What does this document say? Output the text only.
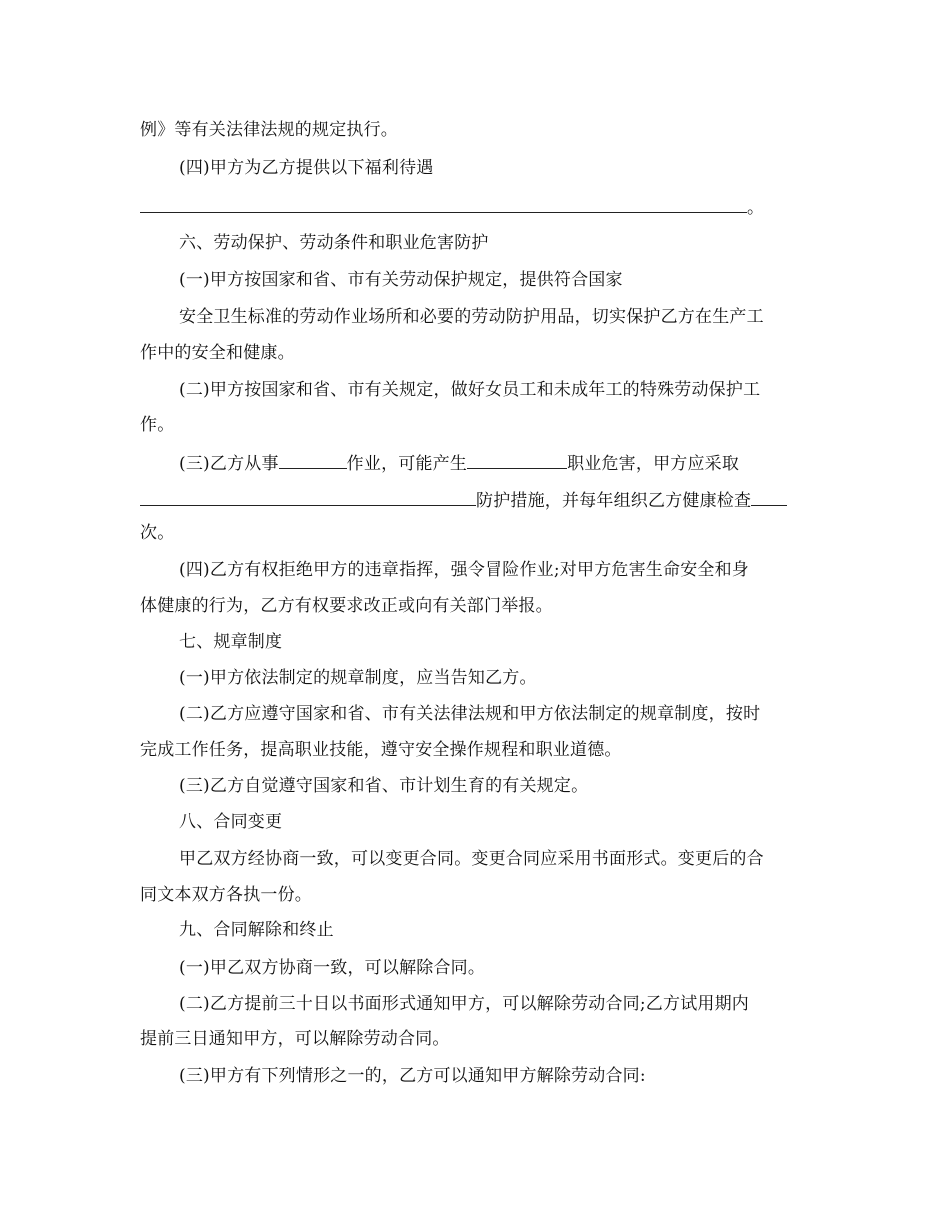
例》等有关法律法规的规定执行。
(四)甲方为乙方提供以下福利待遇
。
六、劳动保护、劳动条件和职业危害防护
(一)甲方按国家和省、市有关劳动保护规定，提供符合国家
安全卫生标准的劳动作业场所和必要的劳动防护用品，切实保护乙方在生产工
作中的安全和健康。
(二)甲方按国家和省、市有关规定，做好女员工和未成年工的特殊劳动保护工
作。
(三)乙方从事	作业，可能产生	职业危害，甲方应采取
防护措施，并每年组织乙方健康检查
次。
(四)乙方有权拒绝甲方的违章指挥，强令冒险作业;对甲方危害生命安全和身
体健康的行为，乙方有权要求改正或向有关部门举报。
七、规章制度
(一)甲方依法制定的规章制度，应当告知乙方。
(二)乙方应遵守国家和省、市有关法律法规和甲方依法制定的规章制度，按时
完成工作任务，提高职业技能，遵守安全操作规程和职业道德。
(三)乙方自觉遵守国家和省、市计划生育的有关规定。
八、合同变更
甲乙双方经协商一致，可以变更合同。变更合同应采用书面形式。变更后的合
同文本双方各执一份。
九、合同解除和终止
(一)甲乙双方协商一致，可以解除合同。
(二)乙方提前三十日以书面形式通知甲方，可以解除劳动合同;乙方试用期内
提前三日通知甲方，可以解除劳动合同。
(三)甲方有下列情形之一的，乙方可以通知甲方解除劳动合同:
